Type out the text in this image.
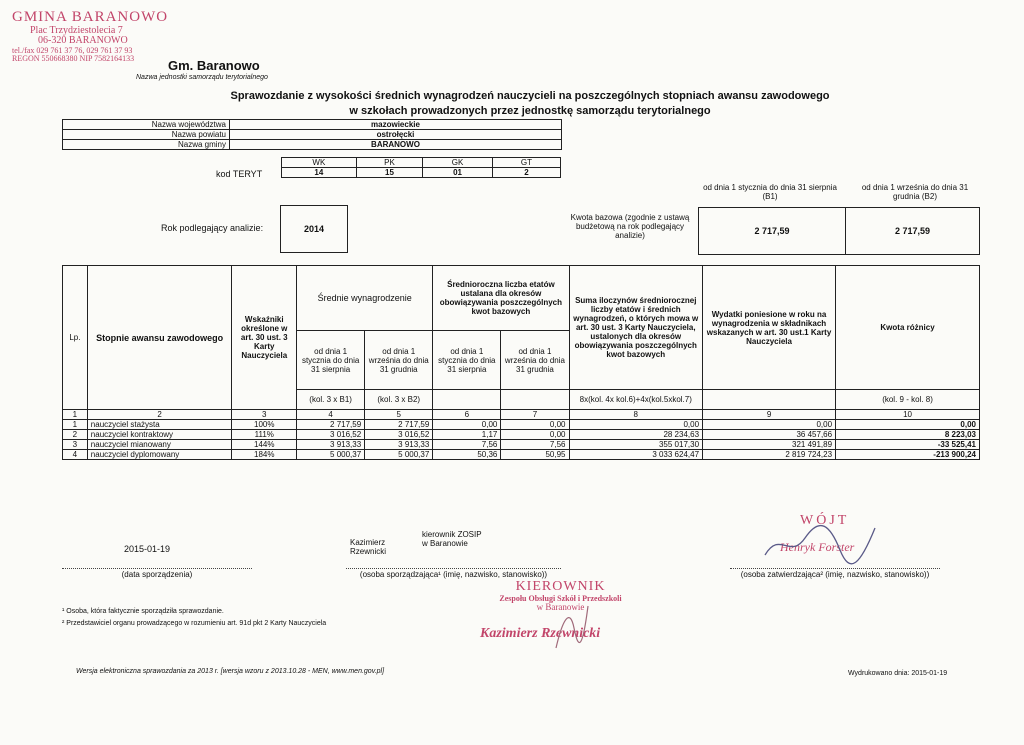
GMINA BARANOWO
Plac Trzydziestolecia 7
06-320 BARANOWO
tel./fax 029 761 37 76, 029 761 37 93
REGON 550668380 NIP 7582164133	Gm. Baranowo
Nazwa jednostki samorządu terytorialnego
Sprawozdanie z wysokości średnich wynagrodzeń nauczycieli na poszczególnych stopniach awansu zawodowego
w szkołach prowadzonych przez jednostkę samorządu terytorialnego
Nazwa województwa	mazowieckie
Nazwa powiatu	ostrołęcki
Nazwa gminy	BARANOWO
kod TERYT
WK	PK	GK	GT
14	15	01	2
od dnia 1 stycznia do dnia 31 sierpnia (B1)
od dnia 1 września do dnia 31 grudnia (B2)
Rok podlegający analizie:	2014
Kwota bazowa (zgodnie z ustawą budżetową na rok podlegający analizie)	2 717,59	2 717,59
Lp.	Stopnie awansu zawodowego	Wskaźniki określone w art. 30 ust. 3 Karty Nauczyciela	Średnie wynagrodzenie		Średnioroczna liczba etatów ustalana dla okresów obowiązywania poszczególnych kwot bazowych		Suma iloczynów średniorocznej liczby etatów i średnich wynagrodzeń, o których mowa w art. 30 ust. 3 Karty Nauczyciela, ustalonych dla okresów obowiązywania poszczególnych kwot bazowych	Wydatki poniesione w roku na wynagrodzenia w składnikach wskazanych w art. 30 ust.1 Karty Nauczyciela	Kwota różnicy
			od dnia 1 stycznia do dnia 31 sierpnia	od dnia 1 września do dnia 31 grudnia	od dnia 1 stycznia do dnia 31 sierpnia	od dnia 1 września do dnia 31 grudnia			
			(kol. 3 x B1)	(kol. 3 x B2)			8x(kol. 4x kol.6)+4x(kol.5xkol.7)		(kol. 9 - kol. 8)
1	2	3	4	5	6	7	8	9	10
1	nauczyciel stażysta	100%	2 717,59	2 717,59	0,00	0,00	0,00	0,00	0,00
2	nauczyciel kontraktowy	111%	3 016,52	3 016,52	1,17	0,00	28 234,63	36 457,66	8 223,03
3	nauczyciel mianowany	144%	3 913,33	3 913,33	7,56	7,56	355 017,30	321 491,89	-33 525,41
4	nauczyciel dyplomowany	184%	5 000,37	5 000,37	50,36	50,95	3 033 624,47	2 819 724,23	-213 900,24
2015-01-19
(data sporządzenia)
Kazimierz Rzewnicki
kierownik ZOSIP w Baranowie
(osoba sporządzająca¹ (imię, nazwisko, stanowisko))	(osoba zatwierdzająca² (imię, nazwisko, stanowisko))
¹ Osoba, która faktycznie sporządziła sprawozdanie.
² Przedstawiciel organu prowadzącego w rozumieniu art. 91d pkt 2 Karty Nauczyciela
Wersja elektroniczna sprawozdania za 2013 r. [wersja wzoru z 2013.10.28 - MEN, www.men.gov.pl]	Wydrukowano dnia: 2015-01-19
KIEROWNIK
Zespołu Obsługi Szkół i Przedszkoli
w Baranowie
Kazimierz Rzewnicki
WÓJT
Henryk Forster
